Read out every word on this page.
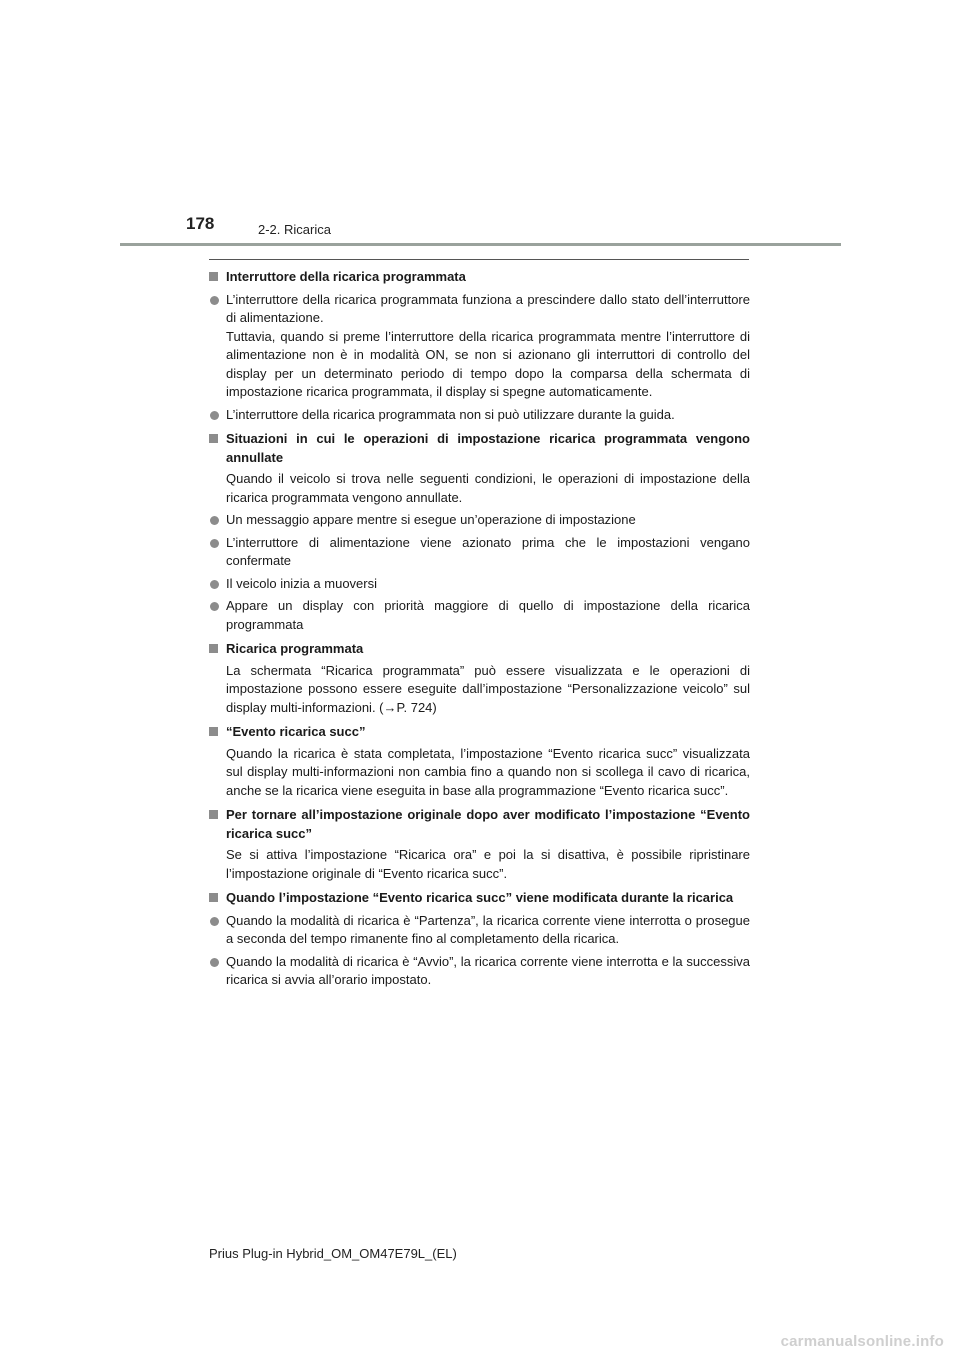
178	2-2. Ricarica
Interruttore della ricarica programmata
L’interruttore della ricarica programmata funziona a prescindere dallo stato dell’interruttore di alimentazione.
Tuttavia, quando si preme l’interruttore della ricarica programmata mentre l’interruttore di alimentazione non è in modalità ON, se non si azionano gli interruttori di controllo del display per un determinato periodo di tempo dopo la comparsa della schermata di impostazione ricarica programmata, il display si spegne automaticamente.
L’interruttore della ricarica programmata non si può utilizzare durante la guida.
Situazioni in cui le operazioni di impostazione ricarica programmata vengono annullate
Quando il veicolo si trova nelle seguenti condizioni, le operazioni di impostazione della ricarica programmata vengono annullate.
Un messaggio appare mentre si esegue un’operazione di impostazione
L’interruttore di alimentazione viene azionato prima che le impostazioni vengano confermate
Il veicolo inizia a muoversi
Appare un display con priorità maggiore di quello di impostazione della ricarica programmata
Ricarica programmata
La schermata “Ricarica programmata” può essere visualizzata e le operazioni di impostazione possono essere eseguite dall’impostazione “Personalizzazione veicolo” sul display multi-informazioni. (→P. 724)
“Evento ricarica succ”
Quando la ricarica è stata completata, l’impostazione “Evento ricarica succ” visualizzata sul display multi-informazioni non cambia fino a quando non si scollega il cavo di ricarica, anche se la ricarica viene eseguita in base alla programmazione “Evento ricarica succ”.
Per tornare all’impostazione originale dopo aver modificato l’impostazione “Evento ricarica succ”
Se si attiva l’impostazione “Ricarica ora” e poi la si disattiva, è possibile ripristinare l’impostazione originale di “Evento ricarica succ”.
Quando l’impostazione “Evento ricarica succ” viene modificata durante la ricarica
Quando la modalità di ricarica è “Partenza”, la ricarica corrente viene interrotta o prosegue a seconda del tempo rimanente fino al completamento della ricarica.
Quando la modalità di ricarica è “Avvio”, la ricarica corrente viene interrotta e la successiva ricarica si avvia all’orario impostato.
Prius Plug-in Hybrid_OM_OM47E79L_(EL)
carmanualsonline.info
